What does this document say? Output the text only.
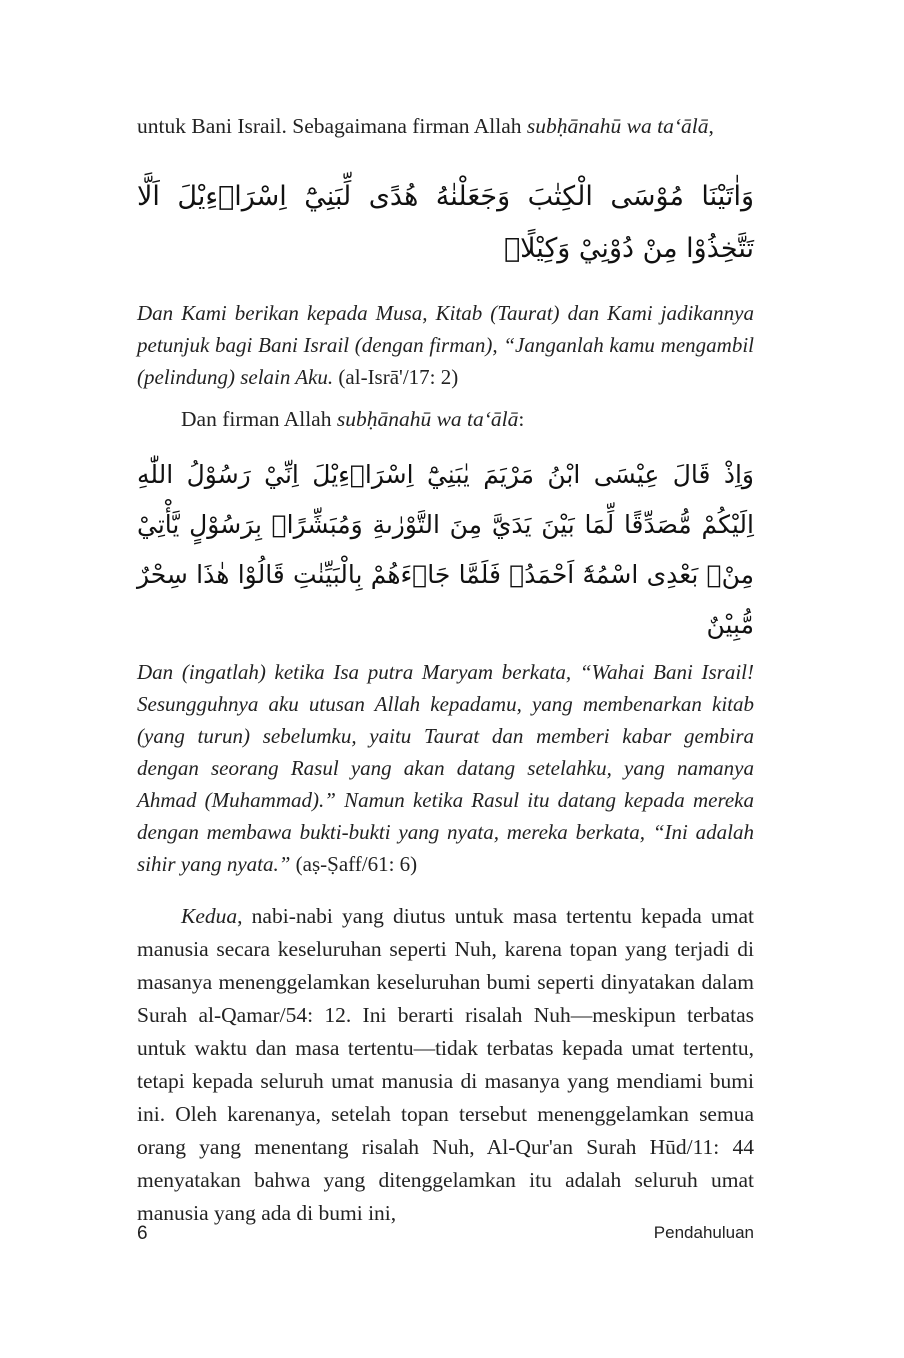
untuk Bani Israil. Sebagaimana firman Allah subḥānahū wa ta‘ālā,

وَاٰتَيْنَا مُوْسَى الْكِتٰبَ وَجَعَلْنٰهُ هُدًى لِّبَنِيْٓ اِسْرَاۤءِيْلَ اَلَّا تَتَّخِذُوْا مِنْ دُوْنِيْ وَكِيْلًاۗ

Dan Kami berikan kepada Musa, Kitab (Taurat) dan Kami jadikannya petunjuk bagi Bani Israil (dengan firman), “Janganlah kamu mengambil (pelindung) selain Aku. (al-Isrā'/17: 2)

Dan firman Allah subḥānahū wa ta‘ālā:

وَاِذْ قَالَ عِيْسَى ابْنُ مَرْيَمَ يٰبَنِيْٓ اِسْرَاۤءِيْلَ اِنِّيْ رَسُوْلُ اللّٰهِ اِلَيْكُمْ مُّصَدِّقًا لِّمَا بَيْنَ يَدَيَّ مِنَ التَّوْرٰىةِ وَمُبَشِّرًاۢ بِرَسُوْلٍ يَّأْتِيْ مِنْۢ بَعْدِى اسْمُهٗٓ اَحْمَدُۗ فَلَمَّا جَاۤءَهُمْ بِالْبَيِّنٰتِ قَالُوْا هٰذَا سِحْرٌ مُّبِيْنٌ

Dan (ingatlah) ketika Isa putra Maryam berkata, “Wahai Bani Israil! Sesungguhnya aku utusan Allah kepadamu, yang membenarkan kitab (yang turun) sebelumku, yaitu Taurat dan memberi kabar gembira dengan seorang Rasul yang akan datang setelahku, yang namanya Ahmad (Muhammad).” Namun ketika Rasul itu datang kepada mereka dengan membawa bukti-bukti yang nyata, mereka berkata, “Ini adalah sihir yang nyata.” (aṣ-Ṣaff/61: 6)

Kedua, nabi-nabi yang diutus untuk masa tertentu kepada umat manusia secara keseluruhan seperti Nuh, karena topan yang terjadi di masanya menenggelamkan keseluruhan bumi seperti dinyatakan dalam Surah al-Qamar/54: 12. Ini berarti risalah Nuh—meskipun terbatas untuk waktu dan masa tertentu—tidak terbatas kepada umat tertentu, tetapi kepada seluruh umat manusia di masanya yang mendiami bumi ini. Oleh karenanya, setelah topan tersebut menenggelamkan semua orang yang menentang risalah Nuh, Al-Qur'an Surah Hūd/11: 44 menyatakan bahwa yang ditenggelamkan itu adalah seluruh umat manusia yang ada di bumi ini,

6	Pendahuluan
